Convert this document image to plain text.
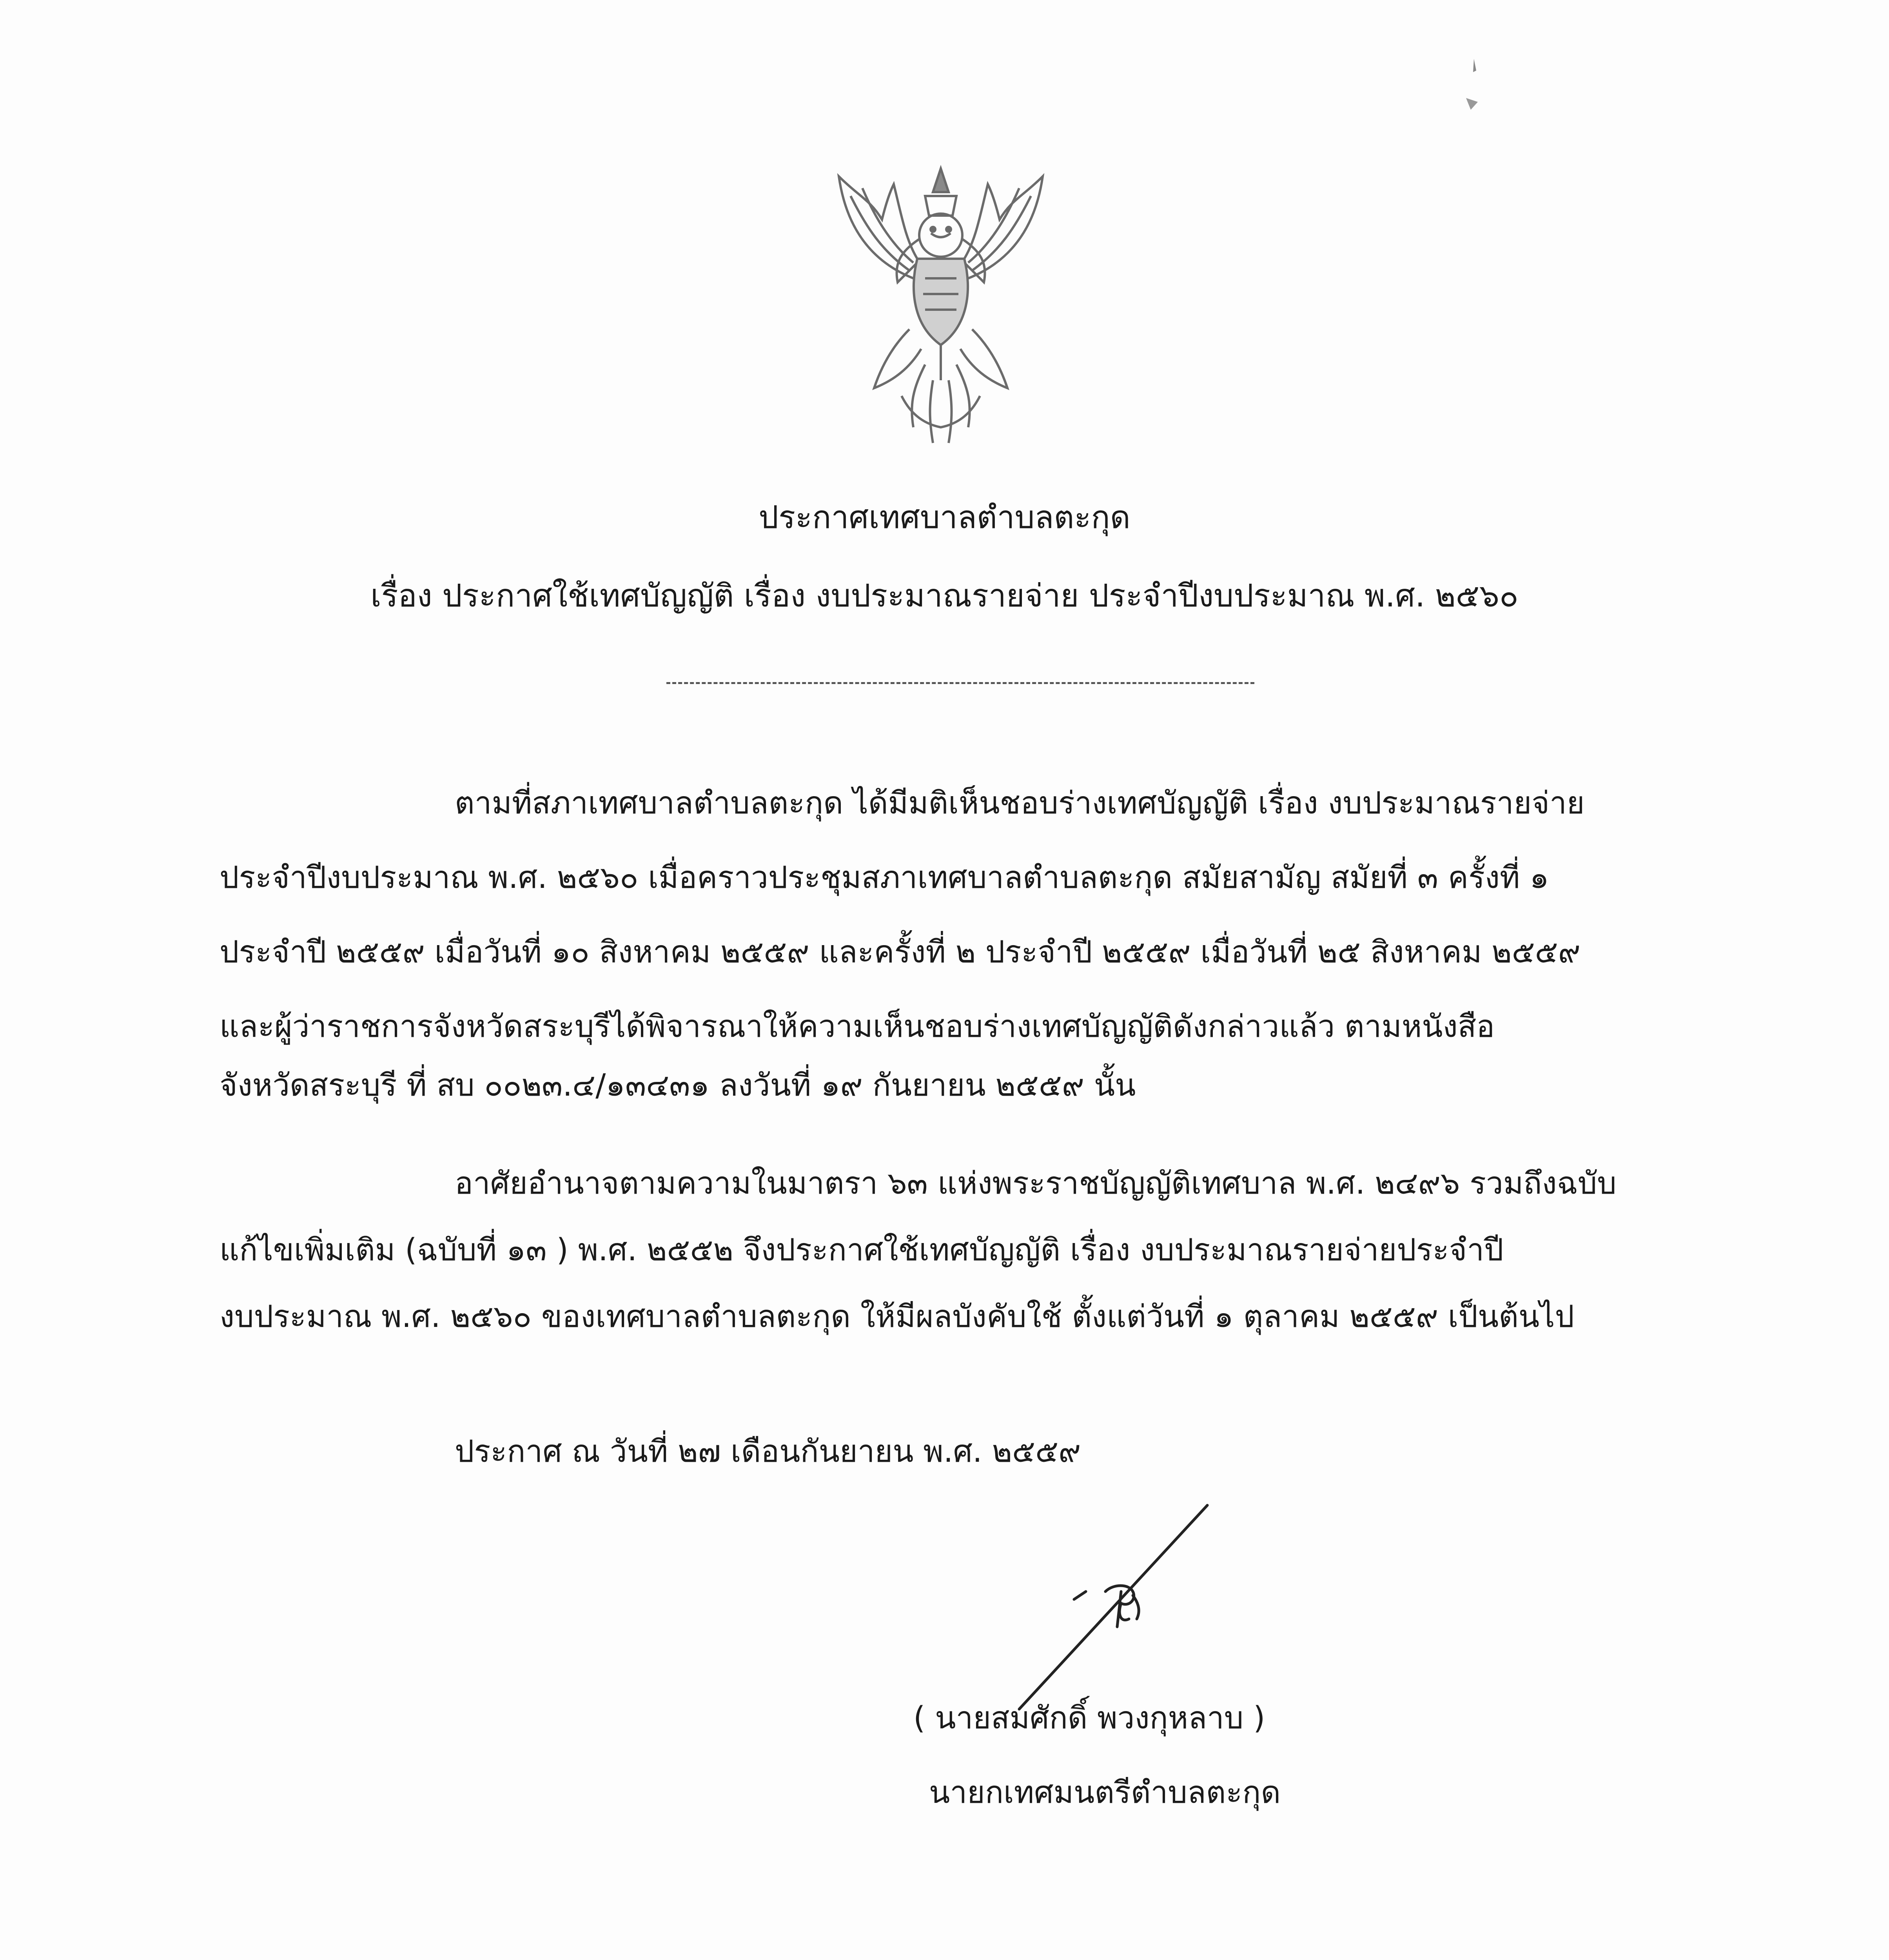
ประกาศเทศบาลตำบลตะกุด
เรื่อง ประกาศใช้เทศบัญญัติ เรื่อง งบประมาณรายจ่าย ประจำปีงบประมาณ พ.ศ. ๒๕๖๐
ตามที่สภาเทศบาลตำบลตะกุด ได้มีมติเห็นชอบร่างเทศบัญญัติ เรื่อง งบประมาณรายจ่าย
ประจำปีงบประมาณ พ.ศ. ๒๕๖๐ เมื่อคราวประชุมสภาเทศบาลตำบลตะกุด สมัยสามัญ สมัยที่ ๓ ครั้งที่ ๑
ประจำปี ๒๕๕๙ เมื่อวันที่ ๑๐ สิงหาคม ๒๕๕๙ และครั้งที่ ๒ ประจำปี ๒๕๕๙ เมื่อวันที่ ๒๕ สิงหาคม ๒๕๕๙
และผู้ว่าราชการจังหวัดสระบุรีได้พิจารณาให้ความเห็นชอบร่างเทศบัญญัติดังกล่าวแล้ว ตามหนังสือ
จังหวัดสระบุรี ที่ สบ ๐๐๒๓.๔/๑๓๔๓๑ ลงวันที่ ๑๙ กันยายน ๒๕๕๙ นั้น
อาศัยอำนาจตามความในมาตรา ๖๓ แห่งพระราชบัญญัติเทศบาล พ.ศ. ๒๔๙๖ รวมถึงฉบับ
แก้ไขเพิ่มเติม (ฉบับที่ ๑๓ ) พ.ศ. ๒๕๕๒ จึงประกาศใช้เทศบัญญัติ เรื่อง งบประมาณรายจ่ายประจำปี
งบประมาณ พ.ศ. ๒๕๖๐ ของเทศบาลตำบลตะกุด ให้มีผลบังคับใช้ ตั้งแต่วันที่ ๑ ตุลาคม ๒๕๕๙ เป็นต้นไป
ประกาศ ณ วันที่ ๒๗ เดือนกันยายน พ.ศ. ๒๕๕๙
( นายสมศักดิ์ พวงกุหลาบ )
นายกเทศมนตรีตำบลตะกุด
